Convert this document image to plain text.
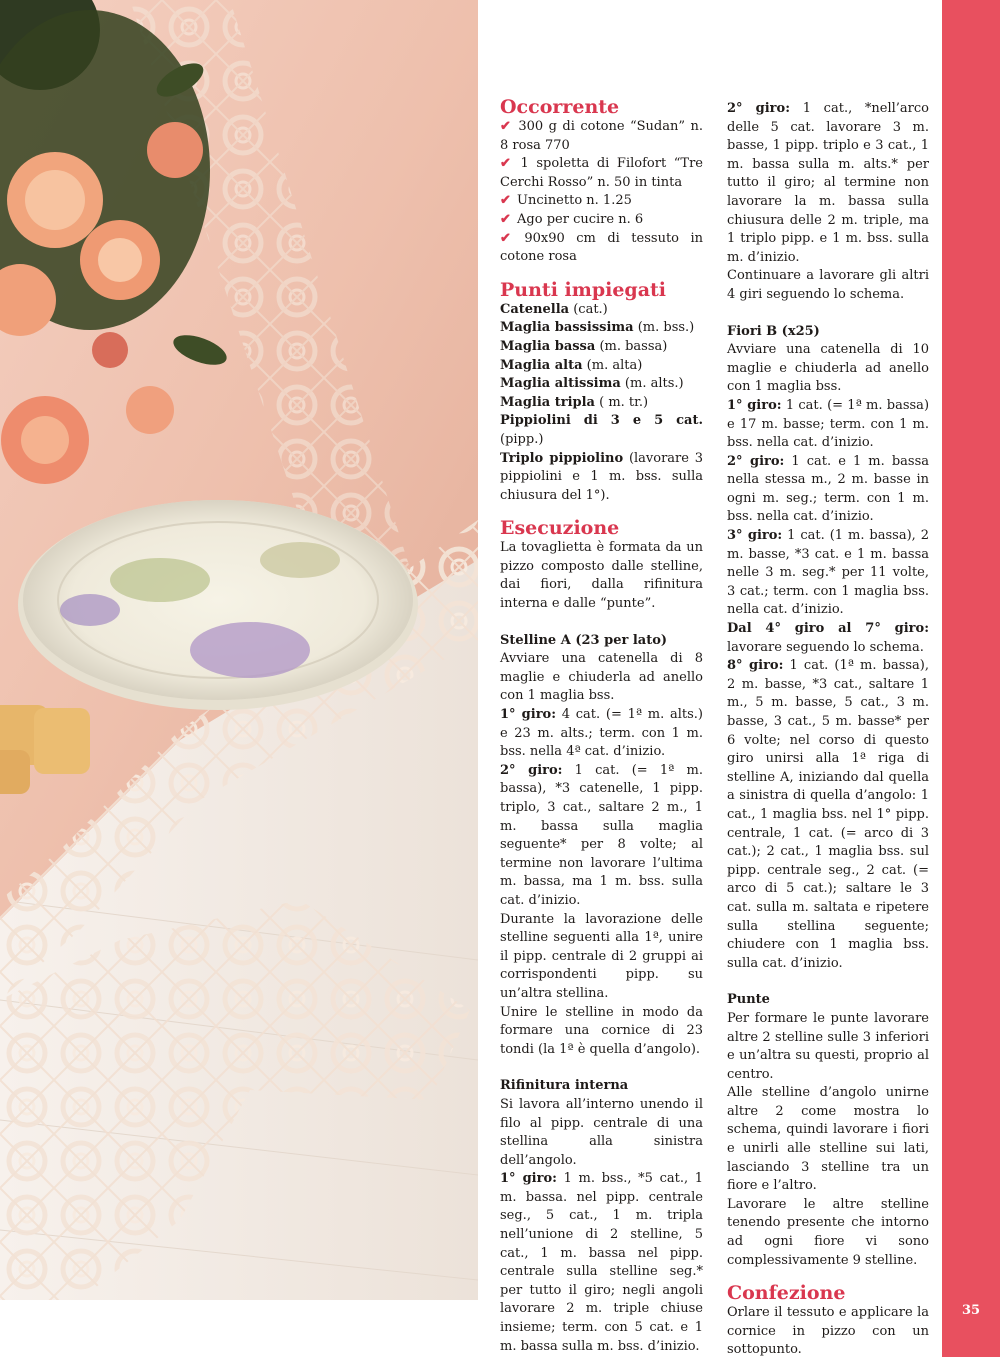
Occorrente

✔ 300 g di cotone “Sudan” n. 8 rosa 770

✔ 1 spoletta di Filofort “Tre Cerchi Rosso” n. 50 in tinta

✔ Uncinetto n. 1.25

✔ Ago per cucire n. 6

✔ 90x90 cm di tessuto in cotone rosa

Punti impiegati

Catenella (cat.)

Maglia bassissima (m. bss.)

Maglia bassa (m. bassa)

Maglia alta (m. alta)

Maglia altissima (m. alts.)

Maglia tripla ( m. tr.)

Pippiolini di 3 e 5 cat. (pipp.)

Triplo pippiolino (lavorare 3 pippiolini e 1 m. bss. sulla chiusura del 1°).

Esecuzione

La tovaglietta è formata da un pizzo composto dalle stelline, dai fiori, dalla rifinitura interna e dalle “punte”.

Stelline A (23 per lato)

Avviare una catenella di 8 maglie e chiuderla ad anello con 1 maglia bss.

1° giro: 4 cat. (= 1ª m. alts.) e 23 m. alts.; term. con 1 m. bss. nella 4ª cat. d’inizio.

2° giro: 1 cat. (= 1ª m. bassa), *3 catenelle, 1 pipp. triplo, 3 cat., saltare 2 m., 1 m. bassa sulla maglia seguente* per 8 volte; al termine non lavorare l’ultima m. bassa, ma 1 m. bss. sulla cat. d’inizio.

Durante la lavorazione delle stelline seguenti alla 1ª, unire il pipp. centrale di 2 gruppi ai corrispondenti pipp. su un’altra stellina.

Unire le stelline in modo da formare una cornice di 23 tondi (la 1ª è quella d’angolo).

Rifinitura interna

Si lavora all’interno unendo il filo al pipp. centrale di una stellina alla sinistra dell’angolo.

1° giro: 1 m. bss., *5 cat., 1 m. bassa. nel pipp. centrale seg., 5 cat., 1 m. tripla nell’unione di 2 stelline, 5 cat., 1 m. bassa nel pipp. centrale sulla stelline seg.* per tutto il giro; negli angoli lavorare 2 m. triple chiuse insieme; term. con 5 cat. e 1 m. bassa sulla m. bss. d’inizio.

2° giro: 1 cat., *nell’arco delle 5 cat. lavorare 3 m. basse, 1 pipp. triplo e 3 cat., 1 m. bassa sulla m. alts.* per tutto il giro; al termine non lavorare la m. bassa sulla chiusura delle 2 m. triple, ma 1 triplo pipp. e 1 m. bss. sulla m. d’inizio.

Continuare a lavorare gli altri 4 giri seguendo lo schema.

Fiori B (x25)

Avviare una catenella di 10 maglie e chiuderla ad anello con 1 maglia bss.

1° giro: 1 cat. (= 1ª m. bassa) e 17 m. basse; term. con 1 m. bss. nella cat. d’inizio.

2° giro: 1 cat. e 1 m. bassa nella stessa m., 2 m. basse in ogni m. seg.; term. con 1 m. bss. nella cat. d’inizio.

3° giro: 1 cat. (1 m. bassa), 2 m. basse, *3 cat. e 1 m. bassa nelle 3 m. seg.* per 11 volte, 3 cat.; term. con 1 maglia bss. nella cat. d’inizio.

Dal 4° giro al 7° giro: lavorare seguendo lo schema.

8° giro: 1 cat. (1ª m. bassa), 2 m. basse, *3 cat., saltare 1 m., 5 m. basse, 5 cat., 3 m. basse, 3 cat., 5 m. basse* per 6 volte; nel corso di questo giro unirsi alla 1ª riga di stelline A, iniziando dal quella a sinistra di quella d’angolo: 1 cat., 1 maglia bss. nel 1° pipp. centrale, 1 cat. (= arco di 3 cat.); 2 cat., 1 maglia bss. sul pipp. centrale seg., 2 cat. (= arco di 5 cat.); saltare le 3 cat. sulla m. saltata e ripetere sulla stellina seguente; chiudere con 1 maglia bss. sulla cat. d’inizio.

Punte

Per formare le punte lavorare altre 2 stelline sulle 3 inferiori e un’altra su questi, proprio al centro.

Alle stelline d’angolo unirne altre 2 come mostra lo schema, quindi lavorare i fiori e unirli alle stelline sui lati, lasciando 3 stelline tra un fiore e l’altro.

Lavorare le altre stelline tenendo presente che intorno ad ogni fiore vi sono complessivamente 9 stelline.

Confezione

Orlare il tessuto e applicare la cornice in pizzo con un sottopunto.

35
